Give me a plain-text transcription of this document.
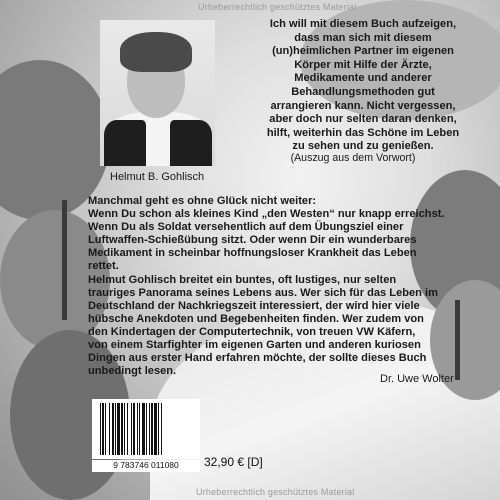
Urheberrechtlich geschütztes Material
Helmut B. Gohlisch
Ich will mit diesem Buch aufzeigen,
dass man sich mit diesem
(un)heimlichen Partner im eigenen
Körper mit Hilfe der Ärzte,
Medikamente und anderer
Behandlungsmethoden gut
arrangieren kann. Nicht vergessen,
aber doch nur selten daran denken,
hilft, weiterhin das Schöne im Leben
zu sehen und zu genießen.
(Auszug aus dem Vorwort)

Manchmal geht es ohne Glück nicht weiter:

Wenn Du schon als kleines Kind „den Westen“ nur knapp erreichst.

Wenn Du als Soldat versehentlich auf dem Übungsziel einer

Luftwaffen-Schießübung sitzt. Oder wenn Dir ein wunderbares

Medikament in scheinbar hoffnungsloser Krankheit das Leben

rettet.

Helmut Gohlisch breitet ein buntes, oft lustiges, nur selten

trauriges Panorama seines Lebens aus. Wer sich für das Leben im

Deutschland der Nachkriegszeit interessiert, der wird hier viele

hübsche Anekdoten und Begebenheiten finden. Wer zudem von

den Kindertagen der Computertechnik, von treuen VW Käfern,

von einem Starfighter im eigenen Garten und anderen kuriosen

Dingen aus erster Hand erfahren möchte, der sollte dieses Buch

unbedingt lesen.

Dr. Uwe Wolter
9 783746 011080	32,90 € [D]
Urheberrechtlich geschütztes Material
